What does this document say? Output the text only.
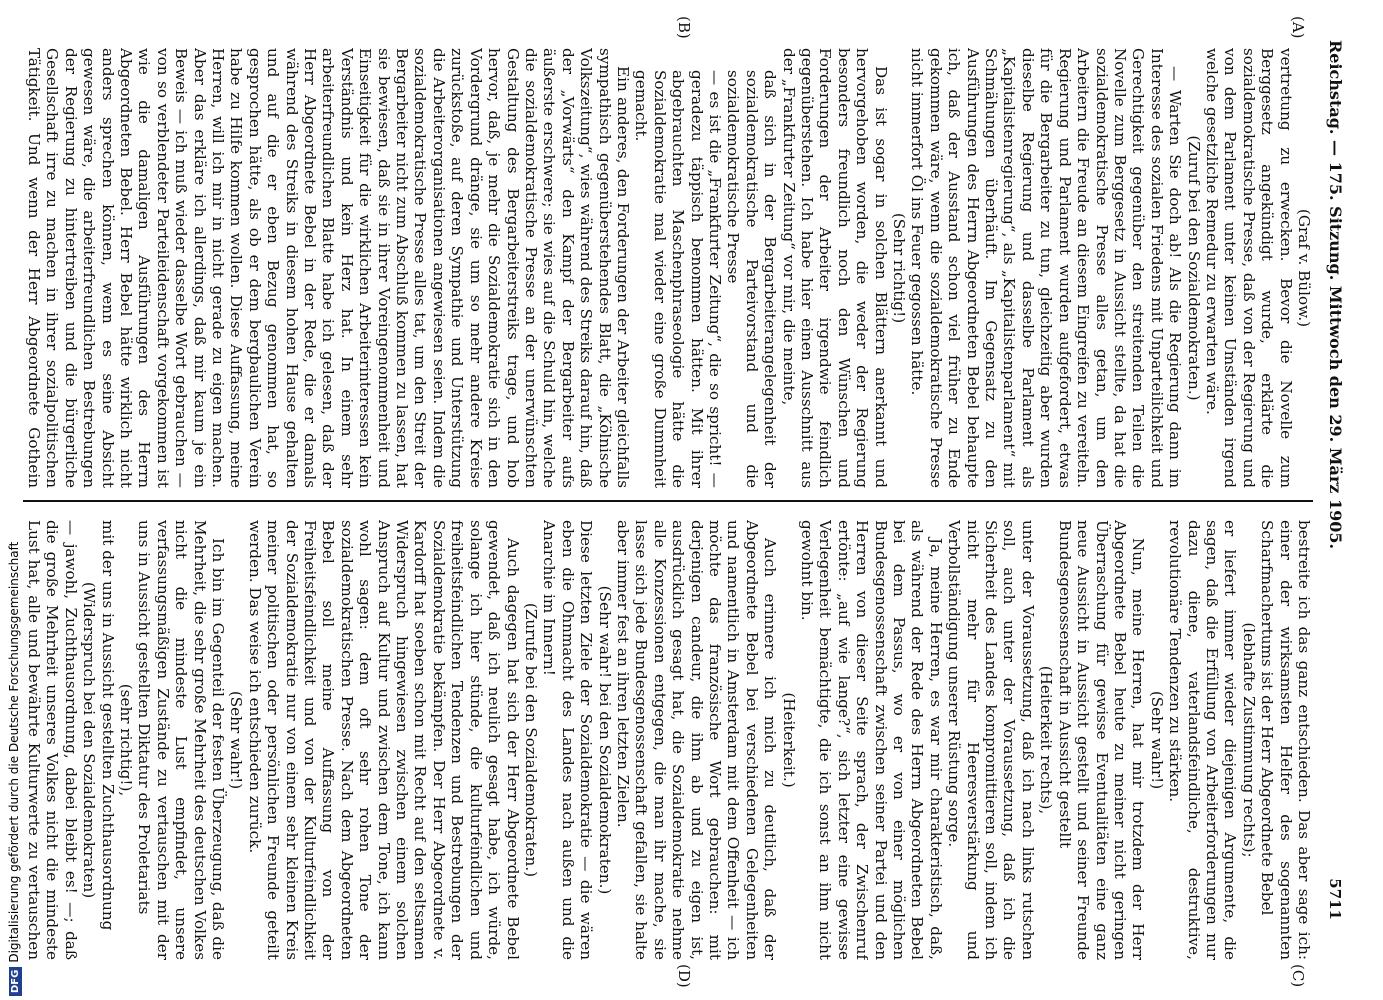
Reichstag. — 175. Sitzung. Mittwoch den 29. März 1905.
5711
(A)
(B)
(C)
(D)

(Graf v. Bülow.)

vertretung zu erwecken. Bevor die Novelle zum Berggesetz angekündigt wurde, erklärte die sozialdemokratische Presse, daß von der Regierung und von dem Parlament unter keinen Umständen irgend welche gesetzliche Remedur zu erwarten wäre.

(Zuruf bei den Sozialdemokraten.)

— Warten Sie doch ab! Als die Regierung dann im Interesse des sozialen Friedens mit Unparteilichkeit und Gerechtigkeit gegenüber den streitenden Teilen die Novelle zum Berggesetz in Aussicht stellte, da hat die sozialdemokratische Presse alles getan, um den Arbeitern die Freude an diesem Eingreifen zu vereiteln. Regierung und Parlament wurden aufgefordert, etwas für die Bergarbeiter zu tun, gleichzeitig aber wurden dieselbe Regierung und dasselbe Parlament als „Kapitalistenregierung“, als „Kapitalistenparlament“ mit Schmähungen überhäuft. Im Gegensatz zu den Ausführungen des Herrn Abgeordneten Bebel behaupte ich, daß der Ausstand schon viel früher zu Ende gekommen wäre, wenn die sozialdemokratische Presse nicht immerfort Öl ins Feuer gegossen hätte.

(Sehr richtig!)

Das ist sogar in solchen Blättern anerkannt und hervorgehoben worden, die weder der Regierung besonders freundlich noch den Wünschen und Forderungen der Arbeiter irgendwie feindlich gegenüberstehen. Ich habe hier einen Ausschnitt aus der „Frankfurter Zeitung“ vor mir, die meinte,

daß sich in der Bergarbeiterangelegenheit der sozialdemokratische Parteivorstand und die sozialdemokratische Presse

— es ist die „Frankfurter Zeitung“, die so spricht! — geradezu täppisch benommen hätten. Mit ihrer abgebrauchten Maschenphraseologie hätte die Sozialdemokratie mal wieder eine große Dummheit gemacht.

Ein anderes, den Forderungen der Arbeiter gleichfalls sympathisch gegenüberstehendes Blatt, die „Kölnische Volkszeitung“, wies während des Streiks darauf hin, daß der „Vorwärts“ den Kampf der Bergarbeiter aufs äußerste erschwere; sie wies auf die Schuld hin, welche die sozialdemokratische Presse an der unerwünschten Gestaltung des Bergarbeiterstreiks trage, und hob hervor, daß, je mehr die Sozialdemokratie sich in den Vordergrund dränge, sie um so mehr andere Kreise zurückstoße, auf deren Sympathie und Unterstützung die Arbeiterorganisationen angewiesen seien. Indem die sozialdemokratische Presse alles tat, um den Streit der Bergarbeiter nicht zum Abschluß kommen zu lassen, hat sie bewiesen, daß sie in ihrer Voreingenommenheit und Einseitigkeit für die wirklichen Arbeiterinteressen kein Verständnis und kein Herz hat. In einem sehr arbeiterfreundlichen Blatte habe ich gelesen, daß der Herr Abgeordnete Bebel in der Rede, die er damals während des Streiks in diesem hohen Hause gehalten und auf die er eben Bezug genommen hat, so gesprochen hätte, als ob er dem bergbaulichen Verein habe zu Hilfe kommen wollen. Diese Auffassung, meine Herren, will ich mir in nicht gerade zu eigen machen. Aber das erkläre ich allerdings, daß mir kaum je ein Beweis — ich muß wieder dasselbe Wort gebrauchen — von so verblendeter Parteileidenschaft vorgekommen ist wie die damaligen Ausführungen des Herrn Abgeordneten Bebel. Herr Bebel hätte wirklich nicht anders sprechen können, wenn es seine Absicht gewesen wäre, die arbeiterfreundlichen Bestrebungen der Regierung zu hintertreiben und die bürgerliche Gesellschaft irre zu machen in ihrer sozialpolitischen Tätigkeit. Und wenn der Herr Abgeordnete Gothein

bestreite ich das ganz entschieden. Das aber sage ich: einer der wirksamsten Helfer des sogenannten Scharfmachertums ist der Herr Abgeordnete Bebel

(lebhafte Zustimmung rechts);

er liefert immer wieder diejenigen Argumente, die sagen, daß die Erfüllung von Arbeiterforderungen nur dazu diene, vaterlandsfeindliche, destruktive, revolutionäre Tendenzen zu stärken.

(Sehr wahr!)

Nun, meine Herren, hat mir trotzdem der Herr Abgeordnete Bebel heute zu meiner nicht geringen Überraschung für gewisse Eventualitäten eine ganz neue Aussicht in Aussicht gestellt und seiner Freunde Bundesgenossenschaft in Aussicht gestellt

(Heiterkeit rechts),

unter der Voraussetzung, daß ich nach links rutschen soll, auch unter der Voraussetzung, daß ich die Sicherheit des Landes kompromittieren soll, indem ich nicht mehr für Heeresverstärkung und Verbollständigung unserer Rüstung sorge.

Ja, meine Herren, es war mir charakteristisch, daß, als während der Rede des Herrn Abgeordneten Bebel bei dem Passus, wo er von einer möglichen Bundesgenossenschaft zwischen seiner Partei und den Herren von dieser Seite sprach, der Zwischenruf ertönte: „auf wie lange?“, sich letzter eine gewisse Verlegenheit bemächtigte, die ich sonst an ihm nicht gewohnt bin.

(Heiterkeit.)

Auch erinnere ich mich zu deutlich, daß der Abgeordnete Bebel bei verschiedenen Gelegenheiten und namentlich in Amsterdam mit dem Offenheit — ich möchte das französische Wort gebrauchen: mit derjenigen candeur, die ihm ab und zu eigen ist, ausdrücklich gesagt hat, die Sozialdemokratie nehme alle Konzessionen entgegen, die man ihr mache, sie lasse sich jede Bundesgenossenschaft gefallen, sie halte aber immer fest an ihren letzten Zielen.

(Sehr wahr! bei den Sozialdemokraten.)

Diese letzten Ziele der Sozialdemokratie — die wären eben die Ohnmacht des Landes nach außen und die Anarchie im Innern!

(Zurufe bei den Sozialdemokraten.)

Auch dagegen hat sich der Herr Abgeordnete Bebel gewendet, daß ich neulich gesagt habe, ich würde, solange ich hier stünde, die kulturfeindlichen und freiheitsfeindlichen Tendenzen und Bestrebungen der Sozialdemokratie bekämpfen. Der Herr Abgeordnete v. Kardorff hat soeben schon mit Recht auf den seltsamen Widerspruch hingewiesen zwischen einem solchen Anspruch auf Kultur und zwischen dem Tone, ich kann wohl sagen: dem oft sehr rohen Tone der sozialdemokratischen Presse. Nach dem Abgeordneten Bebel soll meine Auffassung von der Freiheitsfeindlichkeit und von der Kulturfeindlichkeit der Sozialdemokratie nur von einem sehr kleinen Kreis meiner politischen oder persönlichen Freunde geteilt werden. Das weise ich entschieden zurück.

(Sehr wahr!)

Ich bin im Gegenteil der festen Überzeugung, daß die Mehrheit, die sehr große Mehrheit des deutschen Volkes nicht die mindeste Lust empfindet, unsere verfassungsmäßigen Zustände zu vertauschen mit der uns in Aussicht gestellten Diktatur des Proletariats

(sehr richtig!),

mit der uns in Aussicht gestellten Zuchthausordnung

(Widerspruch bei den Sozialdemokraten)

— jawohl, Zuchthausordnung, dabei bleibt es! —; daß die große Mehrheit unseres Volkes nicht die mindeste Lust hat, alle und bewährte Kulturwerte zu vertauschen

DFGDigitalisierung gefördert durch die Deutsche Forschungsgemeinschaft
